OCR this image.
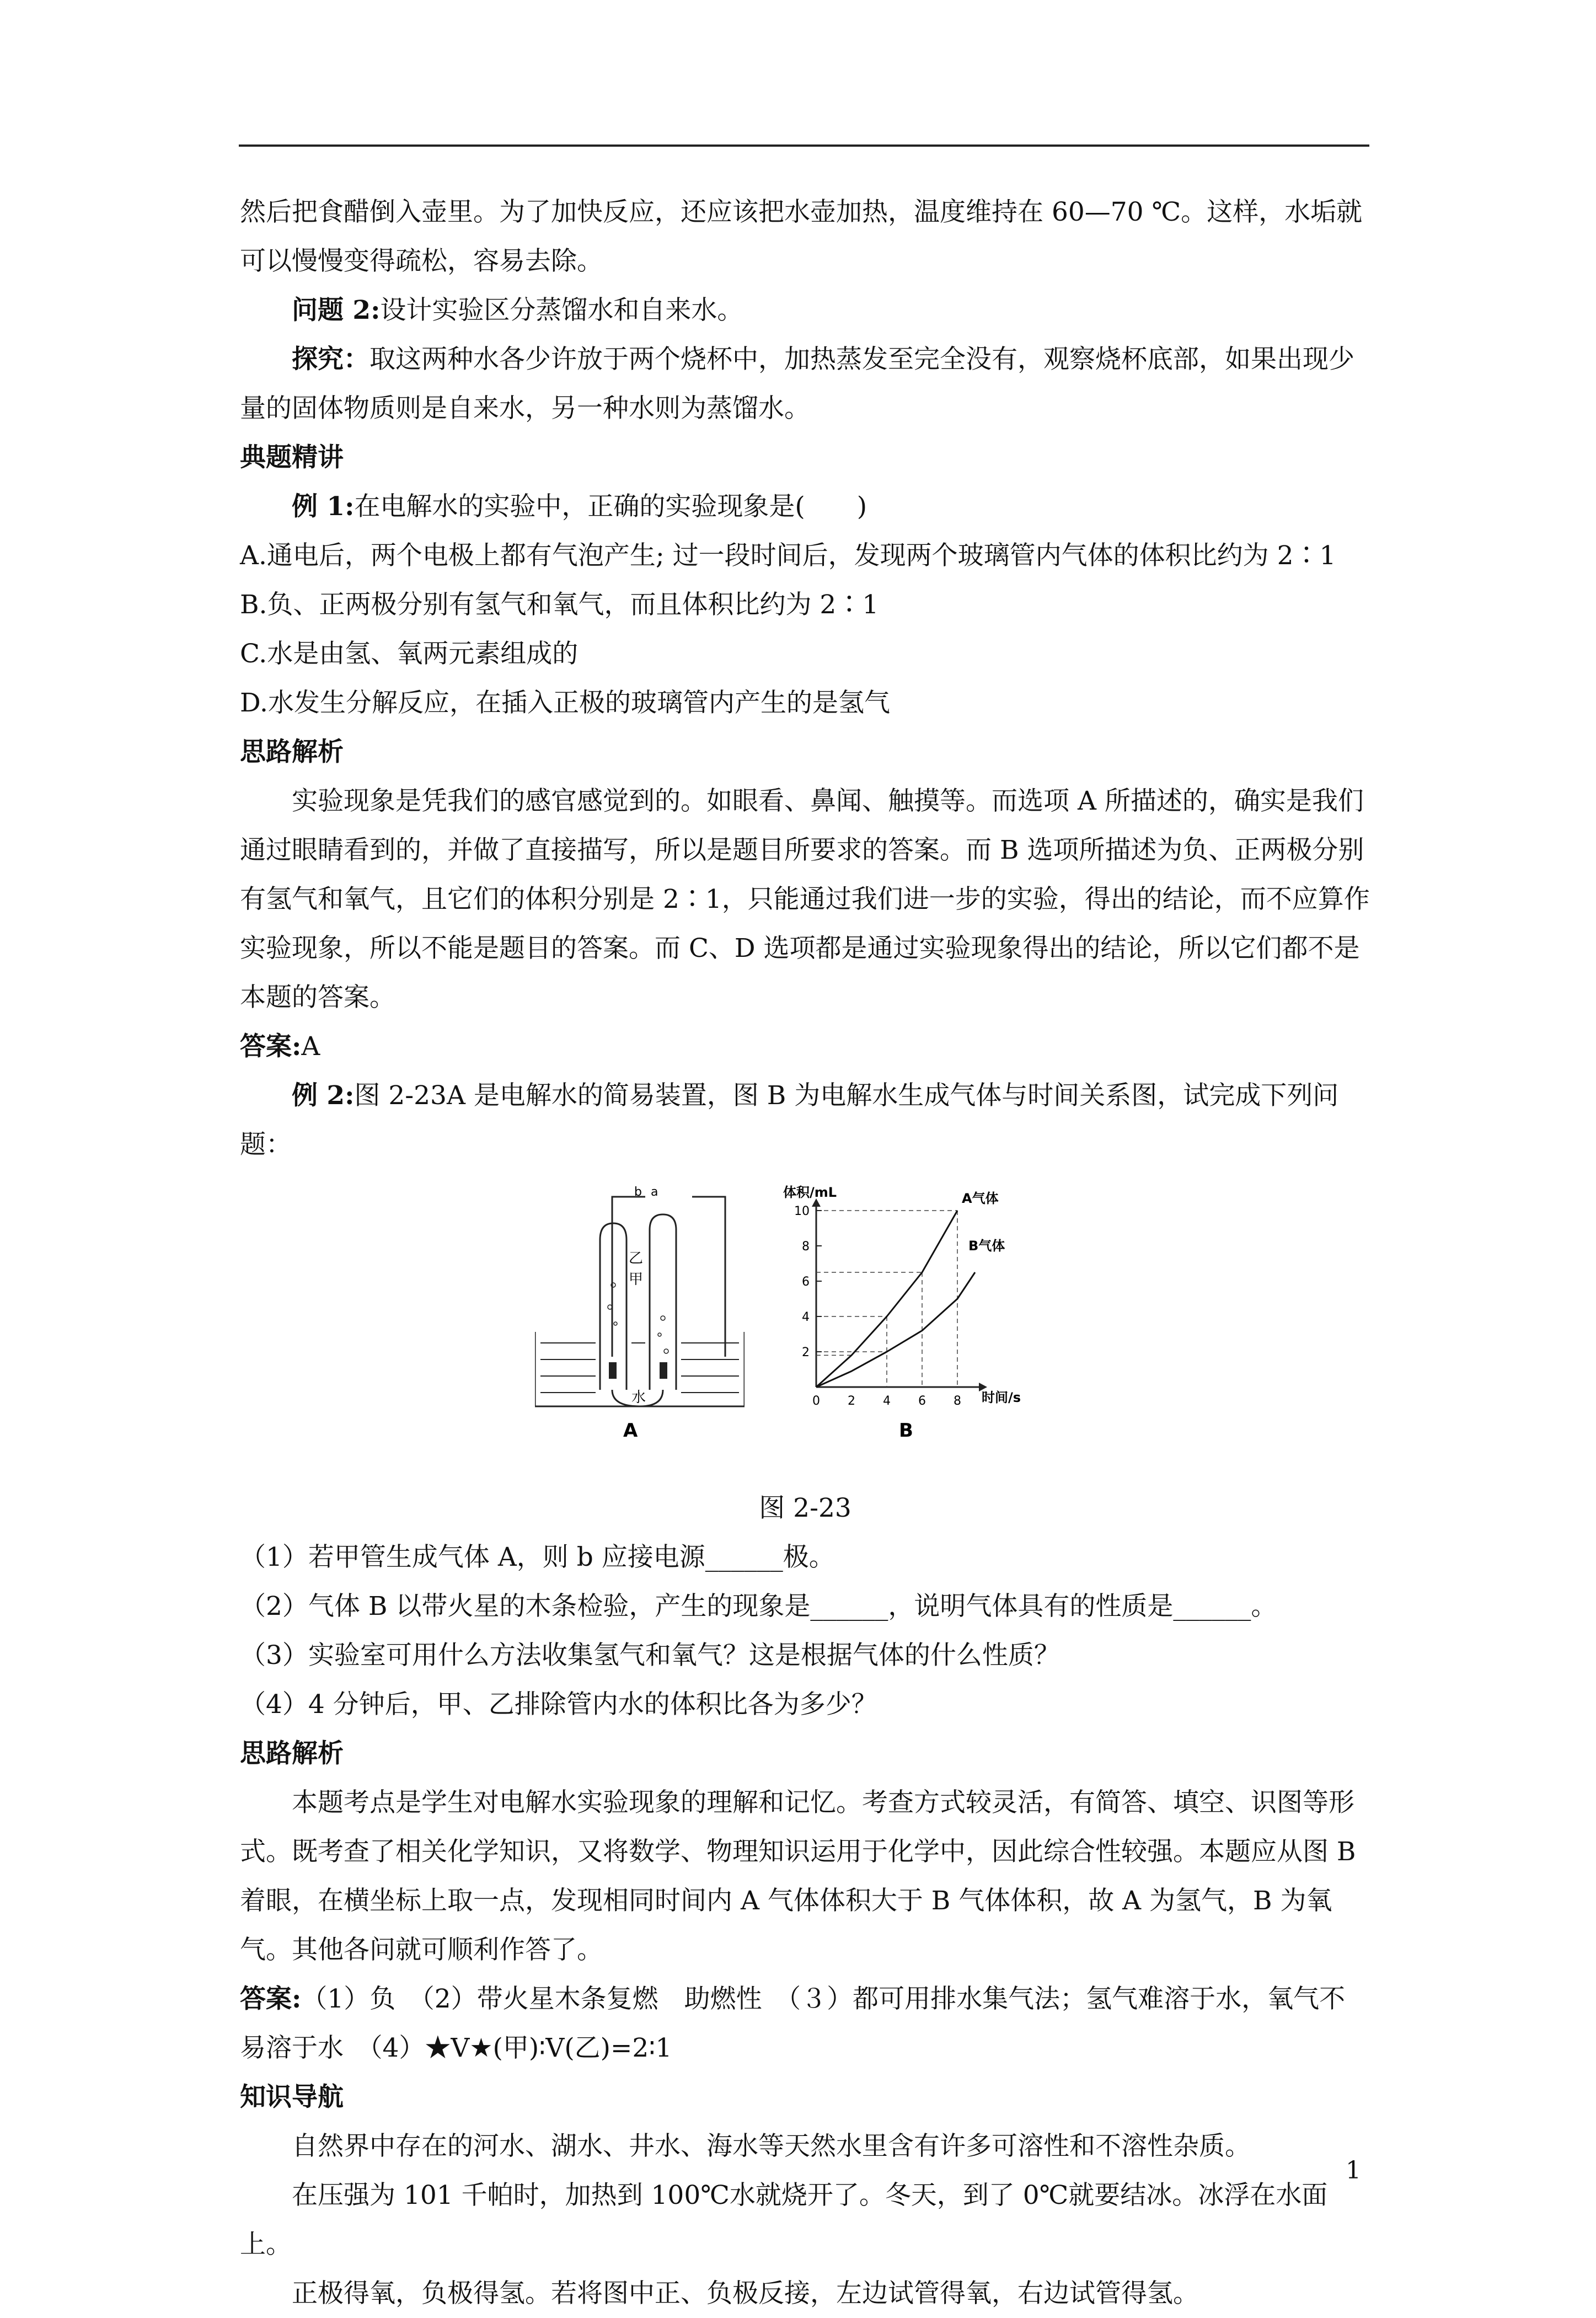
然后把食醋倒入壶里。为了加快反应，还应该把水壶加热，温度维持在 60—70 ℃。这样，水垢就可以慢慢变得疏松，容易去除。

问题 2:设计实验区分蒸馏水和自来水。

探究：取这两种水各少许放于两个烧杯中，加热蒸发至完全没有，观察烧杯底部，如果出现少量的固体物质则是自来水，另一种水则为蒸馏水。

典题精讲

例 1:在电解水的实验中，正确的实验现象是(　　)

A.通电后，两个电极上都有气泡产生; 过一段时间后，发现两个玻璃管内气体的体积比约为 2∶1

B.负、正两极分别有氢气和氧气，而且体积比约为 2∶1

C.水是由氢、氧两元素组成的

D.水发生分解反应，在插入正极的玻璃管内产生的是氢气

思路解析

实验现象是凭我们的感官感觉到的。如眼看、鼻闻、触摸等。而选项 A 所描述的，确实是我们通过眼睛看到的，并做了直接描写，所以是题目所要求的答案。而 B 选项所描述为负、正两极分别有氢气和氧气，且它们的体积分别是 2∶1，只能通过我们进一步的实验，得出的结论，而不应算作实验现象，所以不能是题目的答案。而 C、D 选项都是通过实验现象得出的结论，所以它们都不是本题的答案。

答案:A

例 2:图 2-23A 是电解水的简易装置，图 B 为电解水生成气体与时间关系图，试完成下列问题：

b a
乙
甲
水
A
2
4
6
8
10
0 2 4 6 8
体积/mL
时间/s
A气体
B气体
B

图 2-23

（1）若甲管生成气体 A，则 b 应接电源______极。

（2）气体 B 以带火星的木条检验，产生的现象是______，说明气体具有的性质是______。

（3）实验室可用什么方法收集氢气和氧气？这是根据气体的什么性质？

（4）4 分钟后，甲、乙排除管内水的体积比各为多少？

思路解析

本题考点是学生对电解水实验现象的理解和记忆。考查方式较灵活，有简答、填空、识图等形式。既考查了相关化学知识，又将数学、物理知识运用于化学中，因此综合性较强。本题应从图 B 着眼，在横坐标上取一点，发现相同时间内 A 气体体积大于 B 气体体积，故 A 为氢气，B 为氧气。其他各问就可顺利作答了。

答案:（1）负　（2）带火星木条复燃　助燃性　（３）都可用排水集气法；氢气难溶于水，氧气不易溶于水　（4）★V★(甲)∶V(乙)=2∶1

知识导航

自然界中存在的河水、湖水、井水、海水等天然水里含有许多可溶性和不溶性杂质。

在压强为 101 千帕时，加热到 100℃水就烧开了。冬天，到了 0℃就要结冰。冰浮在水面上。

正极得氧，负极得氢。若将图中正、负极反接，左边试管得氧，右边试管得氢。

1
